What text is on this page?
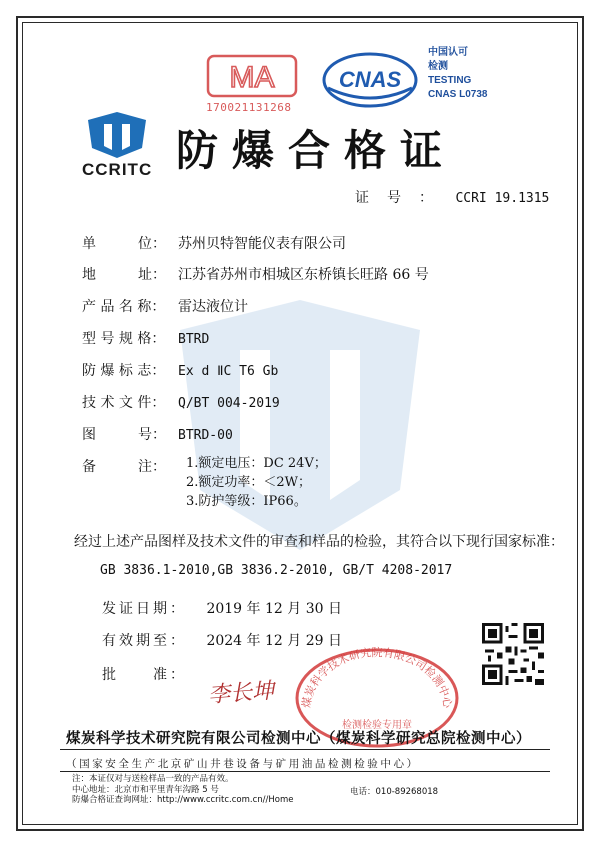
MA
170021131268
CNAS
中国认可
检测
TESTING
CNAS L0738
CCRITC 防爆合格证
证号： CCRI 19.1315
单　　　位： 苏州贝特智能仪表有限公司
地　　　址： 江苏省苏州市相城区东桥镇长旺路 66 号
产 品 名 称： 雷达液位计
型 号 规 格： BTRD
防 爆 标 志： Ex d ⅡC T6 Gb
技 术 文 件： Q/BT 004-2019
图　　　号： BTRD-00
备　　　注：	1.额定电压：DC 24V；
2.额定功率：＜2W；
3.防护等级：IP66。
经过上述产品图样及技术文件的审查和样品的检验，其符合以下现行国家标准：
GB 3836.1-2010,GB 3836.2-2010, GB/T 4208-2017
发证日期： 2019 年 12 月 30 日
有效期至： 2024 年 12 月 29 日
批　　准：
李长坤 煤炭科学技术研究院有限公司检测中心
检测检验专用章
煤炭科学技术研究院有限公司检测中心（煤炭科学研究总院检测中心）
（国家安全生产北京矿山井巷设备与矿用油品检测检验中心）
注：本证仅对与送检样品一致的产品有效。
中心地址：北京市和平里青年沟路 5 号
防爆合格证查询网址：http://www.ccritc.com.cn//Home
电话：010-89268018
